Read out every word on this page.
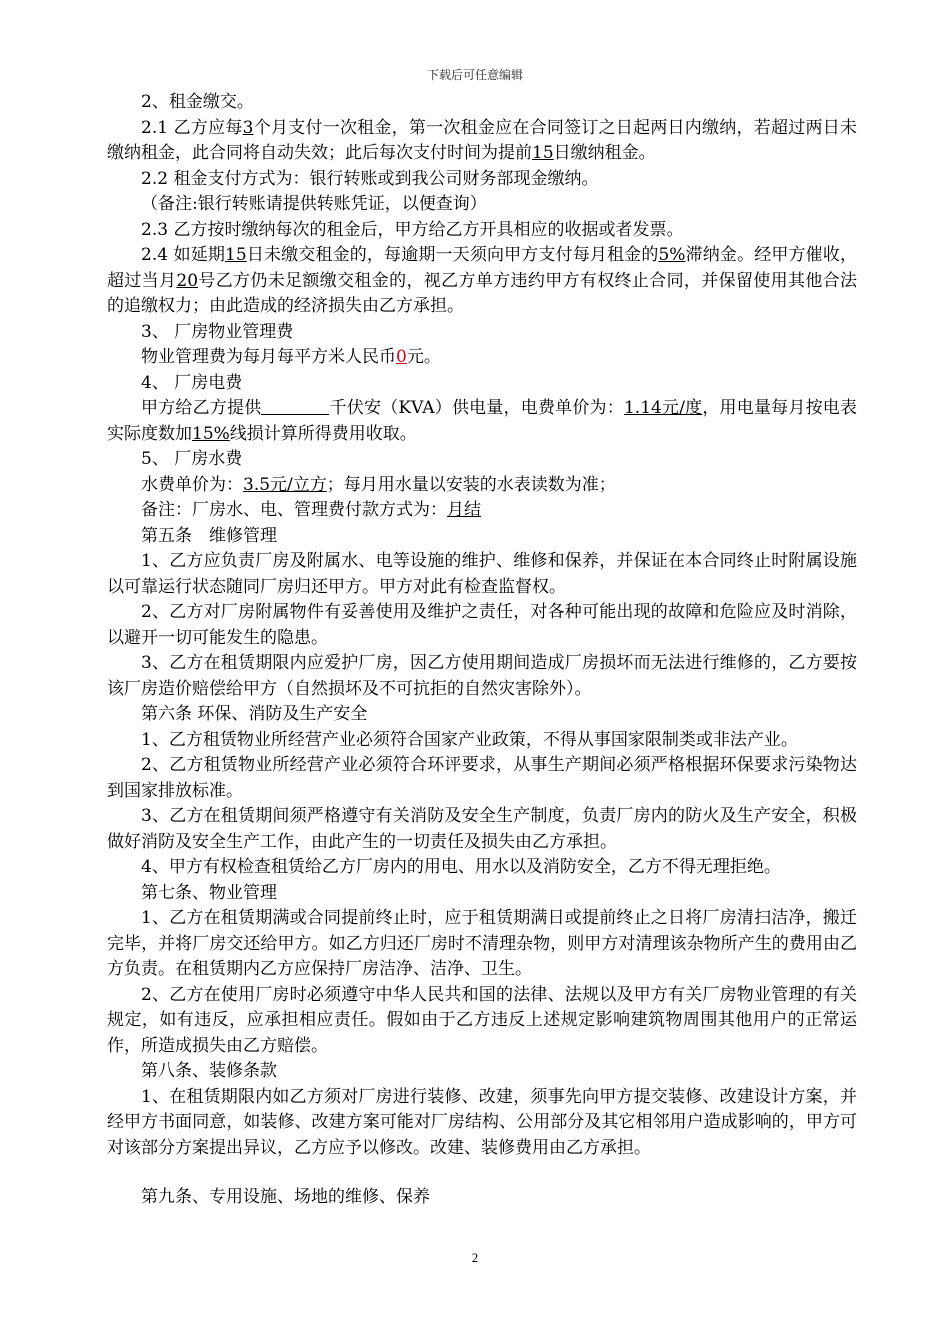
下载后可任意编辑

2、租金缴交。

2.1 乙方应每3个月支付一次租金，第一次租金应在合同签订之日起两日内缴纳，若超过两日未缴纳租金，此合同将自动失效；此后每次支付时间为提前15日缴纳租金。

2.2 租金支付方式为：银行转账或到我公司财务部现金缴纳。

（备注:银行转账请提供转账凭证，以便查询）

2.3 乙方按时缴纳每次的租金后，甲方给乙方开具相应的收据或者发票。

2.4 如延期15日未缴交租金的，每逾期一天须向甲方支付每月租金的5%滞纳金。经甲方催收，超过当月20号乙方仍未足额缴交租金的，视乙方单方违约甲方有权终止合同，并保留使用其他合法的追缴权力；由此造成的经济损失由乙方承担。

3、 厂房物业管理费

物业管理费为每月每平方米人民币0元。

4、 厂房电费

甲方给乙方提供	千伏安（KVA）供电量，电费单价为：1.14元/度，用电量每月按电表实际度数加15%线损计算所得费用收取。

5、 厂房水费

水费单价为：3.5元/立方；每月用水量以安装的水表读数为准；

备注：厂房水、电、管理费付款方式为：月结

第五条　维修管理

1、乙方应负责厂房及附属水、电等设施的维护、维修和保养，并保证在本合同终止时附属设施以可靠运行状态随同厂房归还甲方。甲方对此有检查监督权。

2、乙方对厂房附属物件有妥善使用及维护之责任，对各种可能出现的故障和危险应及时消除，以避开一切可能发生的隐患。

3、乙方在租赁期限内应爱护厂房，因乙方使用期间造成厂房损坏而无法进行维修的，乙方要按该厂房造价赔偿给甲方（自然损坏及不可抗拒的自然灾害除外）。

第六条 环保、消防及生产安全

1、乙方租赁物业所经营产业必须符合国家产业政策，不得从事国家限制类或非法产业。

2、乙方租赁物业所经营产业必须符合环评要求，从事生产期间必须严格根据环保要求污染物达到国家排放标准。

3、乙方在租赁期间须严格遵守有关消防及安全生产制度，负责厂房内的防火及生产安全，积极做好消防及安全生产工作，由此产生的一切责任及损失由乙方承担。

4、甲方有权检查租赁给乙方厂房内的用电、用水以及消防安全，乙方不得无理拒绝。

第七条、物业管理

1、乙方在租赁期满或合同提前终止时，应于租赁期满日或提前终止之日将厂房清扫洁净，搬迁完毕，并将厂房交还给甲方。如乙方归还厂房时不清理杂物，则甲方对清理该杂物所产生的费用由乙方负责。在租赁期内乙方应保持厂房洁净、洁净、卫生。

2、乙方在使用厂房时必须遵守中华人民共和国的法律、法规以及甲方有关厂房物业管理的有关规定，如有违反，应承担相应责任。假如由于乙方违反上述规定影响建筑物周围其他用户的正常运作，所造成损失由乙方赔偿。

第八条、装修条款

1、在租赁期限内如乙方须对厂房进行装修、改建，须事先向甲方提交装修、改建设计方案，并经甲方书面同意，如装修、改建方案可能对厂房结构、公用部分及其它相邻用户造成影响的，甲方可对该部分方案提出异议，乙方应予以修改。改建、装修费用由乙方承担。

第九条、专用设施、场地的维修、保养

2
